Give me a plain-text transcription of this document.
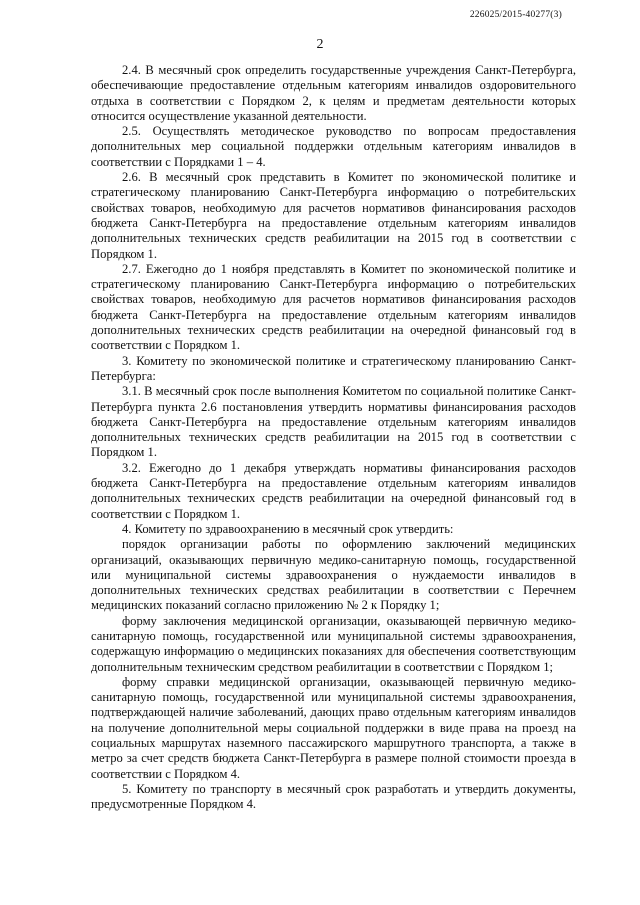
226025/2015-40277(3)
2

2.4. В месячный срок определить государственные учреждения Санкт-Петербурга, обеспечивающие предоставление отдельным категориям инвалидов оздоровительного отдыха в соответствии с Порядком 2, к целям и предметам деятельности которых относится осуществление указанной деятельности.

2.5. Осуществлять методическое руководство по вопросам предоставления дополнительных мер социальной поддержки отдельным категориям инвалидов в соответствии с Порядками 1 – 4.

2.6. В месячный срок представить в Комитет по экономической политике и стратегическому планированию Санкт-Петербурга информацию о потребительских свойствах товаров, необходимую для расчетов нормативов финансирования расходов бюджета Санкт-Петербурга на предоставление отдельным категориям инвалидов дополнительных технических средств реабилитации на 2015 год в соответствии с Порядком 1.

2.7. Ежегодно до 1 ноября представлять в Комитет по экономической политике и стратегическому планированию Санкт-Петербурга информацию о потребительских свойствах товаров, необходимую для расчетов нормативов финансирования расходов бюджета Санкт-Петербурга на предоставление отдельным категориям инвалидов дополнительных технических средств реабилитации на очередной финансовый год в соответствии с Порядком 1.

3. Комитету по экономической политике и стратегическому планированию Санкт-Петербурга:

3.1. В месячный срок после выполнения Комитетом по социальной политике Санкт-Петербурга пункта 2.6 постановления утвердить нормативы финансирования расходов бюджета Санкт-Петербурга на предоставление отдельным категориям инвалидов дополнительных технических средств реабилитации на 2015 год в соответствии с Порядком 1.

3.2. Ежегодно до 1 декабря утверждать нормативы финансирования расходов бюджета Санкт-Петербурга на предоставление отдельным категориям инвалидов дополнительных технических средств реабилитации на очередной финансовый год в соответствии с Порядком 1.

4. Комитету по здравоохранению в месячный срок утвердить:

порядок организации работы по оформлению заключений медицинских организаций, оказывающих первичную медико-санитарную помощь, государственной или муниципальной системы здравоохранения о нуждаемости инвалидов в дополнительных технических средствах реабилитации в соответствии с Перечнем медицинских показаний согласно приложению № 2 к Порядку 1;

форму заключения медицинской организации, оказывающей первичную медико-санитарную помощь, государственной или муниципальной системы здравоохранения, содержащую информацию о медицинских показаниях для обеспечения соответствующим дополнительным техническим средством реабилитации в соответствии с Порядком 1;

форму справки медицинской организации, оказывающей первичную медико-санитарную помощь, государственной или муниципальной системы здравоохранения, подтверждающей наличие заболеваний, дающих право отдельным категориям инвалидов на получение дополнительной меры социальной поддержки в виде права на проезд на социальных маршрутах наземного пассажирского маршрутного транспорта, а также в метро за счет средств бюджета Санкт-Петербурга в размере полной стоимости проезда в соответствии с Порядком 4.

5. Комитету по транспорту в месячный срок разработать и утвердить документы, предусмотренные Порядком 4.
